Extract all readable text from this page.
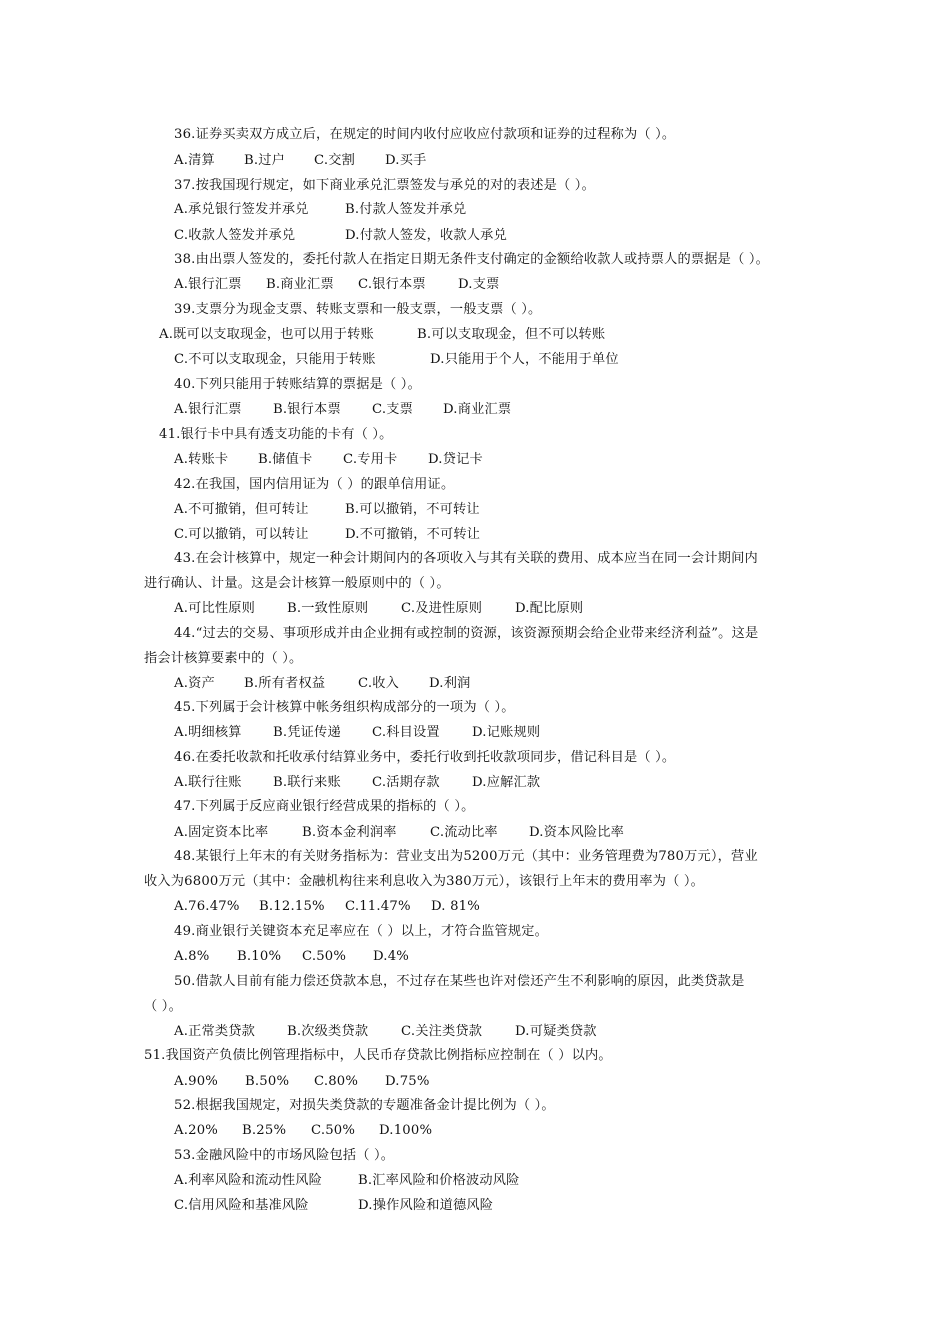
36.证券买卖双方成立后，在规定的时间内收付应收应付款项和证券的过程称为（ ）。
A.清算 B.过户 C.交割 D.买手
37.按我国现行规定，如下商业承兑汇票签发与承兑的对的表述是（ ）。
A.承兑银行签发并承兑	B.付款人签发并承兑
C.收款人签发并承兑	D.付款人签发，收款人承兑
38.由出票人签发的，委托付款人在指定日期无条件支付确定的金额给收款人或持票人的票据是（ ）。
A.银行汇票 B.商业汇票 C.银行本票 D.支票
39.支票分为现金支票、转账支票和一般支票，一般支票（ ）。
A.既可以支取现金，也可以用于转账	B.可以支取现金，但不可以转账
C.不可以支取现金，只能用于转账	D.只能用于个人，不能用于单位
40.下列只能用于转账结算的票据是（ ）。
A.银行汇票 B.银行本票 C.支票 D.商业汇票
41.银行卡中具有透支功能的卡有（ ）。
A.转账卡 B.储值卡 C.专用卡 D.贷记卡
42.在我国，国内信用证为（ ）的跟单信用证。
A.不可撤销，但可转让	B.可以撤销，不可转让
C.可以撤销，可以转让	D.不可撤销，不可转让
43.在会计核算中，规定一种会计期间内的各项收入与其有关联的费用、成本应当在同一会计期间内
进行确认、计量。这是会计核算一般原则中的（ ）。
A.可比性原则 B.一致性原则 C.及进性原则 D.配比原则
44.“过去的交易、事项形成并由企业拥有或控制的资源，该资源预期会给企业带来经济利益”。这是
指会计核算要素中的（ ）。
A.资产 B.所有者权益 C.收入 D.利润
45.下列属于会计核算中帐务组织构成部分的一项为（ ）。
A.明细核算 B.凭证传递 C.科目设置 D.记账规则
46.在委托收款和托收承付结算业务中，委托行收到托收款项同步，借记科目是（ ）。
A.联行往账 B.联行来账 C.活期存款 D.应解汇款
47.下列属于反应商业银行经营成果的指标的（ ）。
A.固定资本比率	B.资本金利润率	C.流动比率 D.资本风险比率
48.某银行上年末的有关财务指标为：营业支出为5200万元（其中：业务管理费为780万元），营业
收入为6800万元（其中：金融机构往来利息收入为380万元），该银行上年末的费用率为（ ）。
A.76.47% B.12.15% C.11.47% D. 81%
49.商业银行关键资本充足率应在（ ）以上，才符合监管规定。
A.8% B.10% C.50% D.4%
50.借款人目前有能力偿还贷款本息，不过存在某些也许对偿还产生不利影响的原因，此类贷款是
（ ）。
A.正常类贷款 B.次级类贷款 C.关注类贷款 D.可疑类贷款
51.我国资产负债比例管理指标中，人民币存贷款比例指标应控制在（ ）以内。
A.90% B.50% C.80% D.75%
52.根据我国规定，对损失类贷款的专题准备金计提比例为（ ）。
A.20% B.25% C.50% D.100%
53.金融风险中的市场风险包括（ ）。
A.利率风险和流动性风险	B.汇率风险和价格波动风险
C.信用风险和基准风险	D.操作风险和道德风险
